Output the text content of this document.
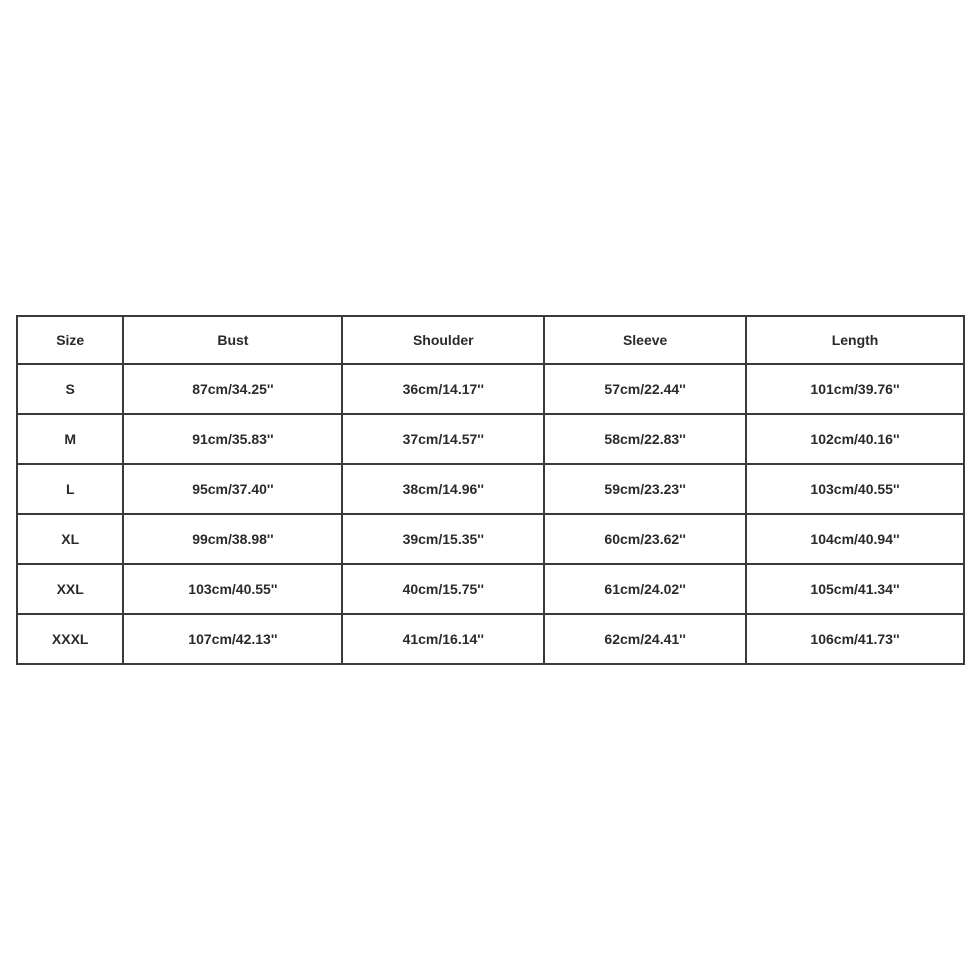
Size	Bust	Shoulder	Sleeve	Length
S	87cm/34.25''	36cm/14.17''	57cm/22.44''	101cm/39.76''
M	91cm/35.83''	37cm/14.57''	58cm/22.83''	102cm/40.16''
L	95cm/37.40''	38cm/14.96''	59cm/23.23''	103cm/40.55''
XL	99cm/38.98''	39cm/15.35''	60cm/23.62''	104cm/40.94''
XXL	103cm/40.55''	40cm/15.75''	61cm/24.02''	105cm/41.34''
XXXL	107cm/42.13''	41cm/16.14''	62cm/24.41''	106cm/41.73''
